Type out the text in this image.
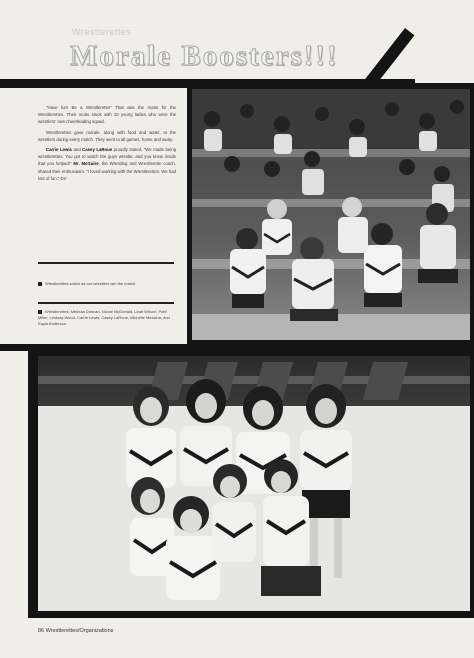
Wrestlerettes
Morale Boosters!!!

"Have fun! Be a Wrestlerette!" That was the motto for the Wrestlerettes. Their motto stuck with 10 young ladies who were the wrestlers' own cheerleading squad.

Wrestlerettes gave morale, along with food and water, to the wrestlers during every match. They went to all games, home and away.

Carrie Lewis and Casey LaRoue proudly stated, "We made being wrestlerettes. You got to watch the guys wrestle, and you knew inside that you helped!" Mr. McGuire, the Wrestling and Wrestlerette coach, shared their enthusiasm. "I loved working with the Wrestlerettes. We had lots of fun." DV

Wrestlerettes watch as our wrestlers win the match.
Wrestlerettes: Melinda Duncan, Nicole McDonald, Leah Wilson, Patti Miller, Lindsay Wood, Carrie Lewis, Casey LaRoue, Michelle Messina, and Kayla Anderson.
86 Wrestlerettes/Organizations
